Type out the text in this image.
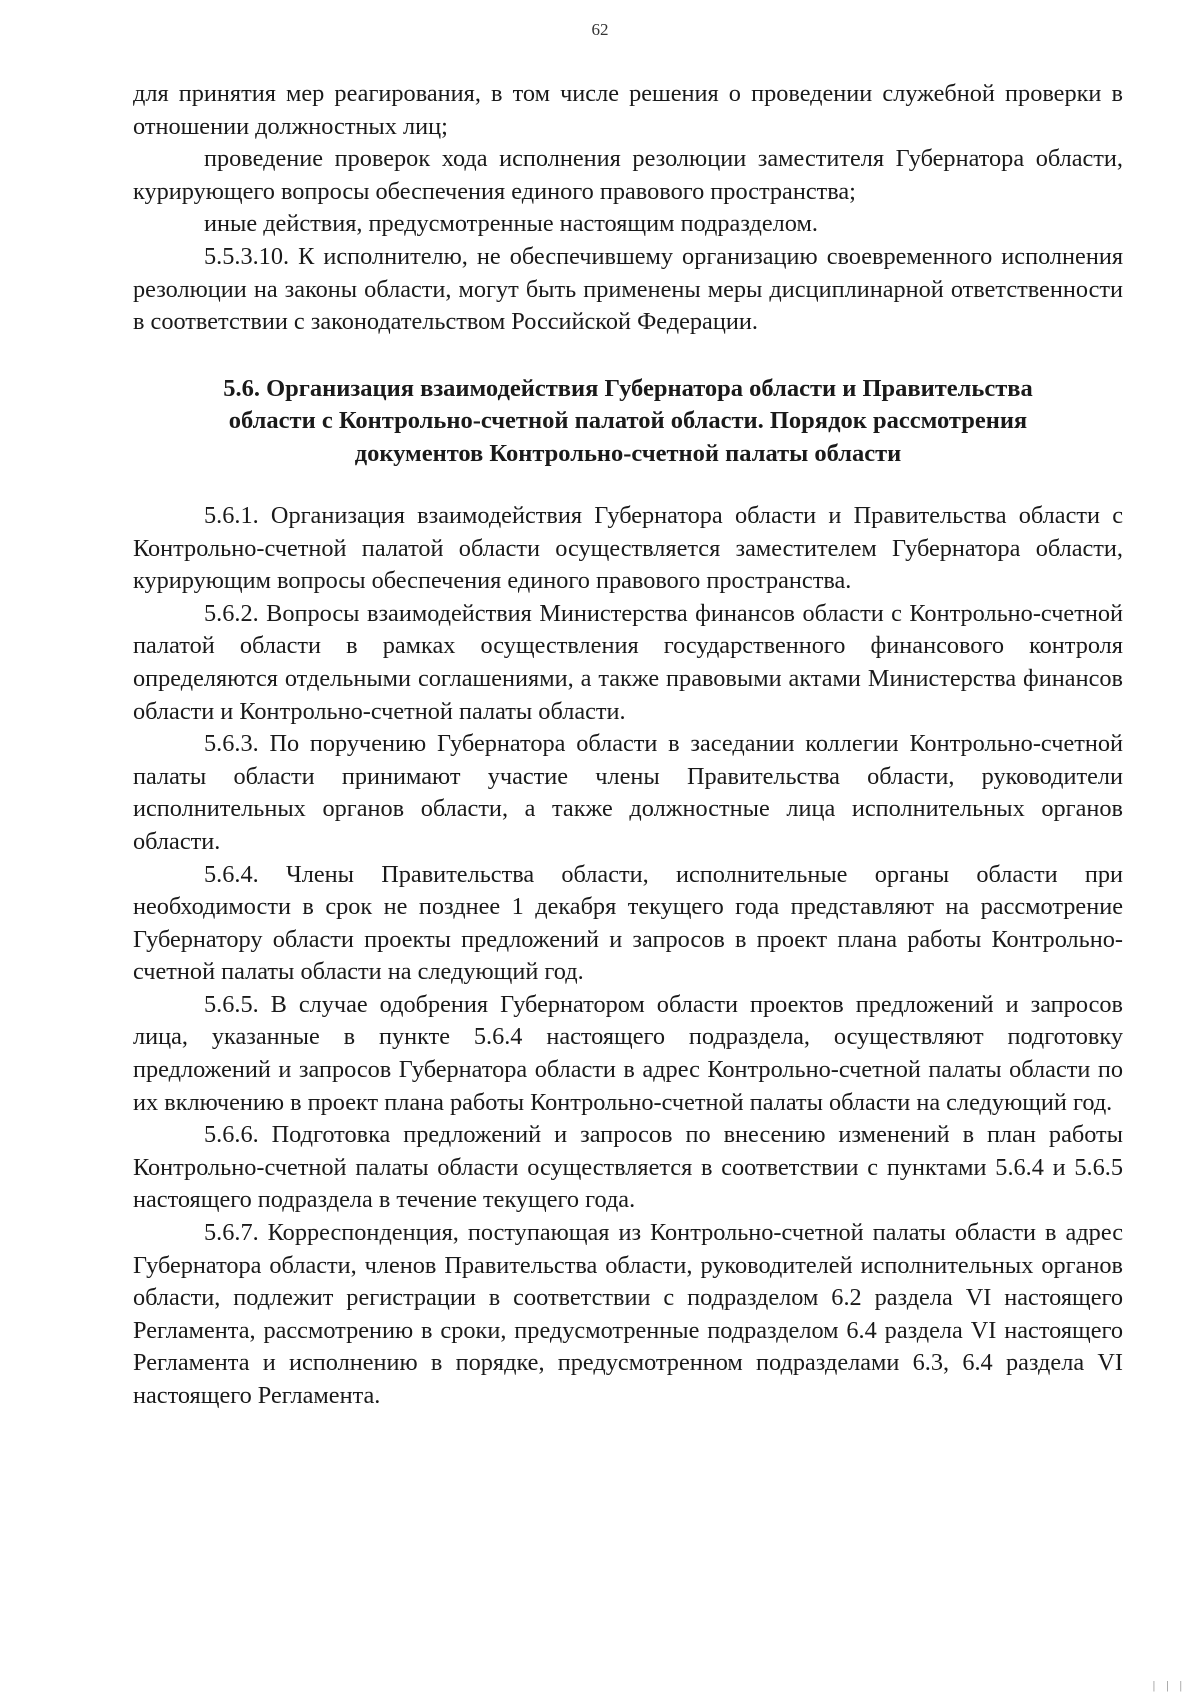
62

для принятия мер реагирования, в том числе решения о проведении служебной проверки в отношении должностных лиц;

проведение проверок хода исполнения резолюции заместителя Губернатора области, курирующего вопросы обеспечения единого правового пространства;

иные действия, предусмотренные настоящим подразделом.

5.5.3.10. К исполнителю, не обеспечившему организацию своевременного исполнения резолюции на законы области, могут быть применены меры дисциплинарной ответственности в соответствии с законодательством Российской Федерации.

5.6. Организация взаимодействия Губернатора области и Правительства
области с Контрольно-счетной палатой области. Порядок рассмотрения
документов Контрольно-счетной палаты области

5.6.1. Организация взаимодействия Губернатора области и Правительства области с Контрольно-счетной палатой области осуществляется заместителем Губернатора области, курирующим вопросы обеспечения единого правового пространства.

5.6.2. Вопросы взаимодействия Министерства финансов области с Контрольно-счетной палатой области в рамках осуществления государственного финансового контроля определяются отдельными соглашениями, а также правовыми актами Министерства финансов области и Контрольно-счетной палаты области.

5.6.3. По поручению Губернатора области в заседании коллегии Контрольно-счетной палаты области принимают участие члены Правительства области, руководители исполнительных органов области, а также должностные лица исполнительных органов области.

5.6.4. Члены Правительства области, исполнительные органы области при необходимости в срок не позднее 1 декабря текущего года представляют на рассмотрение Губернатору области проекты предложений и запросов в проект плана работы Контрольно-счетной палаты области на следующий год.

5.6.5. В случае одобрения Губернатором области проектов предложений и запросов лица, указанные в пункте 5.6.4 настоящего подраздела, осуществляют подготовку предложений и запросов Губернатора области в адрес Контрольно-счетной палаты области по их включению в проект плана работы Контрольно-счетной палаты области на следующий год.

5.6.6. Подготовка предложений и запросов по внесению изменений в план работы Контрольно-счетной палаты области осуществляется в соответствии с пунктами 5.6.4 и 5.6.5 настоящего подраздела в течение текущего года.

5.6.7. Корреспонденция, поступающая из Контрольно-счетной палаты области в адрес Губернатора области, членов Правительства области, руководителей исполнительных органов области, подлежит регистрации в соответствии с подразделом 6.2 раздела VI настоящего Регламента, рассмотрению в сроки, предусмотренные подразделом 6.4 раздела VI настоящего Регламента и исполнению в порядке, предусмотренном подразделами 6.3, 6.4 раздела VI настоящего Регламента.

| | |
